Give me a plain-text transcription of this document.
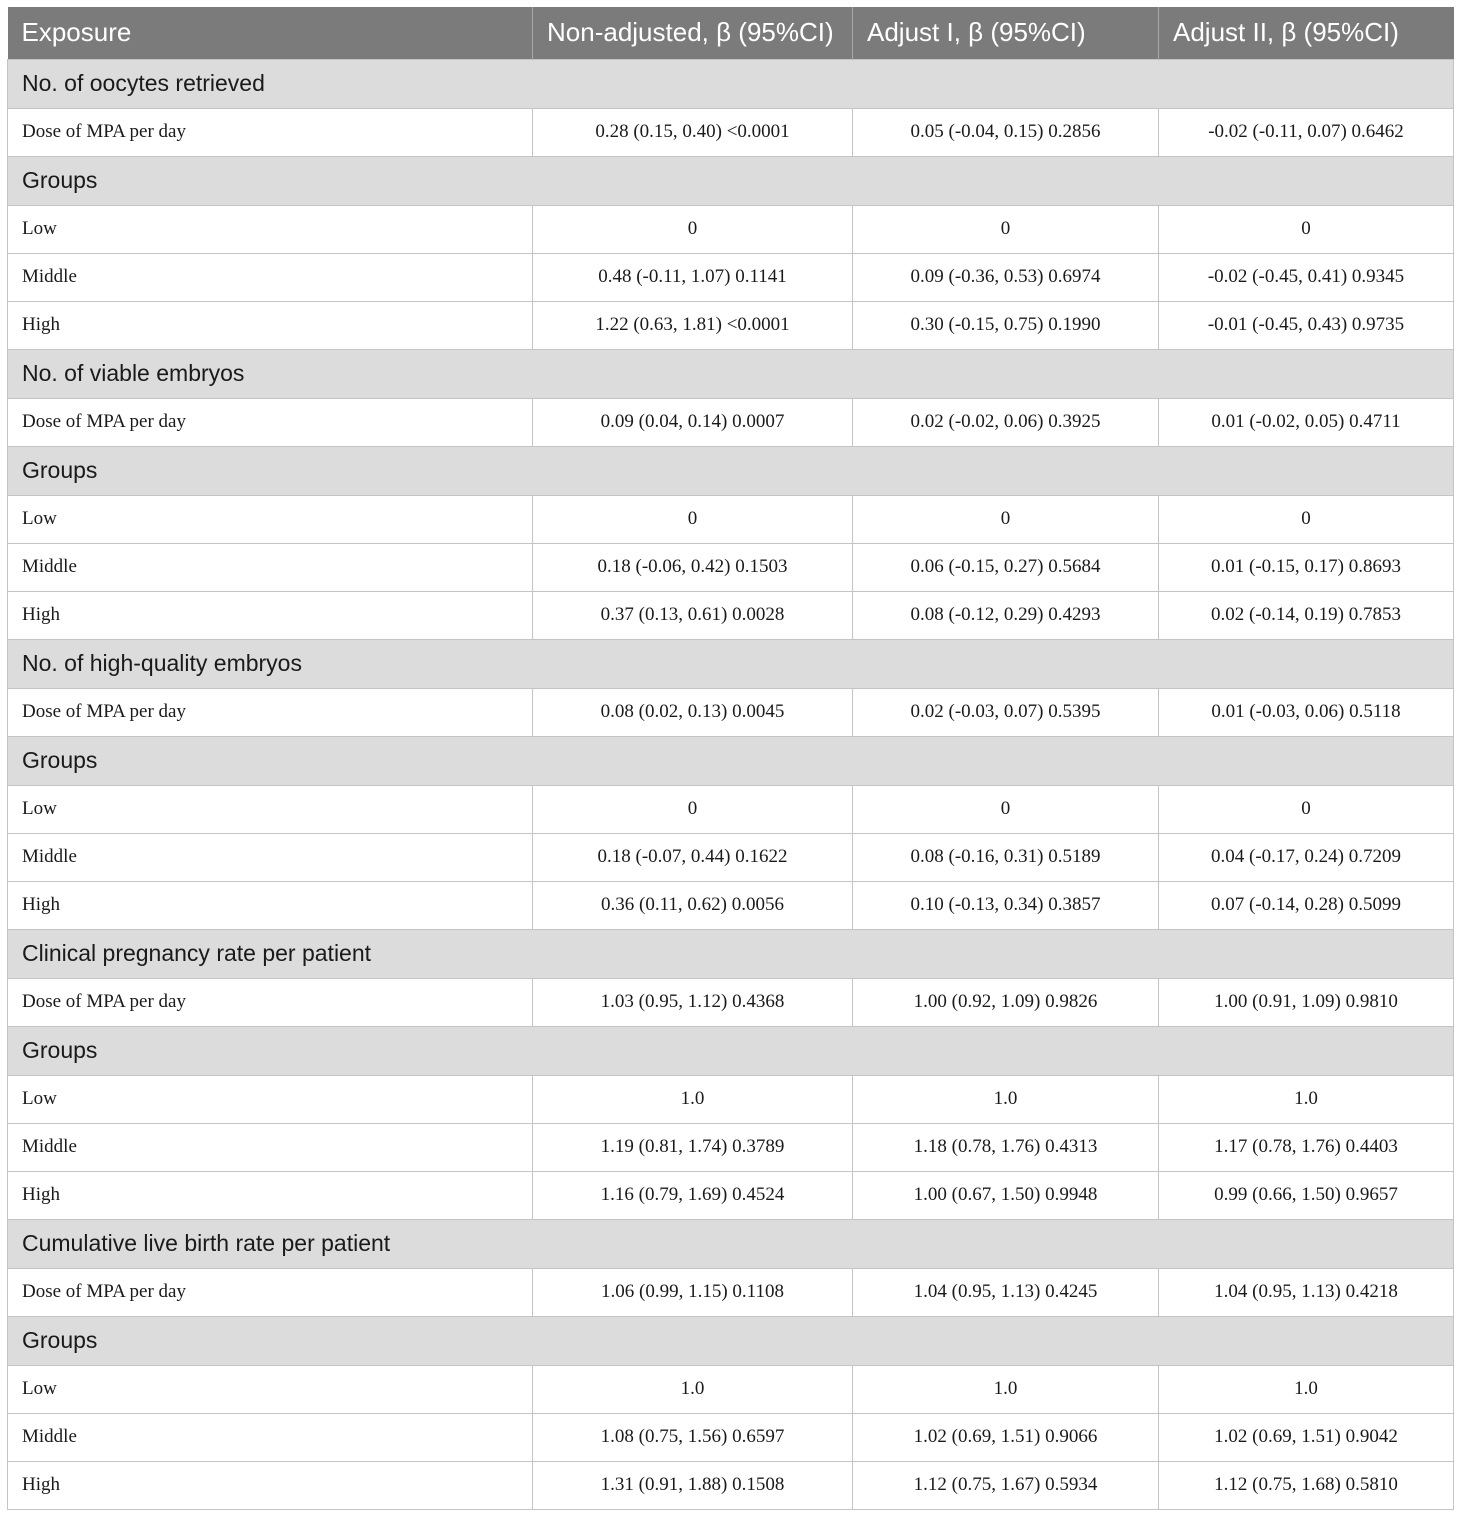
Exposure	Non-adjusted, β (95%CI)	Adjust I, β (95%CI)	Adjust II, β (95%CI)
No. of oocytes retrieved			
Dose of MPA per day	0.28 (0.15, 0.40) <0.0001	0.05 (-0.04, 0.15) 0.2856	-0.02 (-0.11, 0.07) 0.6462
Groups			
Low	0	0	0
Middle	0.48 (-0.11, 1.07) 0.1141	0.09 (-0.36, 0.53) 0.6974	-0.02 (-0.45, 0.41) 0.9345
High	1.22 (0.63, 1.81) <0.0001	0.30 (-0.15, 0.75) 0.1990	-0.01 (-0.45, 0.43) 0.9735
No. of viable embryos			
Dose of MPA per day	0.09 (0.04, 0.14) 0.0007	0.02 (-0.02, 0.06) 0.3925	0.01 (-0.02, 0.05) 0.4711
Groups			
Low	0	0	0
Middle	0.18 (-0.06, 0.42) 0.1503	0.06 (-0.15, 0.27) 0.5684	0.01 (-0.15, 0.17) 0.8693
High	0.37 (0.13, 0.61) 0.0028	0.08 (-0.12, 0.29) 0.4293	0.02 (-0.14, 0.19) 0.7853
No. of high-quality embryos			
Dose of MPA per day	0.08 (0.02, 0.13) 0.0045	0.02 (-0.03, 0.07) 0.5395	0.01 (-0.03, 0.06) 0.5118
Groups			
Low	0	0	0
Middle	0.18 (-0.07, 0.44) 0.1622	0.08 (-0.16, 0.31) 0.5189	0.04 (-0.17, 0.24) 0.7209
High	0.36 (0.11, 0.62) 0.0056	0.10 (-0.13, 0.34) 0.3857	0.07 (-0.14, 0.28) 0.5099
Clinical pregnancy rate per patient			
Dose of MPA per day	1.03 (0.95, 1.12) 0.4368	1.00 (0.92, 1.09) 0.9826	1.00 (0.91, 1.09) 0.9810
Groups			
Low	1.0	1.0	1.0
Middle	1.19 (0.81, 1.74) 0.3789	1.18 (0.78, 1.76) 0.4313	1.17 (0.78, 1.76) 0.4403
High	1.16 (0.79, 1.69) 0.4524	1.00 (0.67, 1.50) 0.9948	0.99 (0.66, 1.50) 0.9657
Cumulative live birth rate per patient			
Dose of MPA per day	1.06 (0.99, 1.15) 0.1108	1.04 (0.95, 1.13) 0.4245	1.04 (0.95, 1.13) 0.4218
Groups			
Low	1.0	1.0	1.0
Middle	1.08 (0.75, 1.56) 0.6597	1.02 (0.69, 1.51) 0.9066	1.02 (0.69, 1.51) 0.9042
High	1.31 (0.91, 1.88) 0.1508	1.12 (0.75, 1.67) 0.5934	1.12 (0.75, 1.68) 0.5810
